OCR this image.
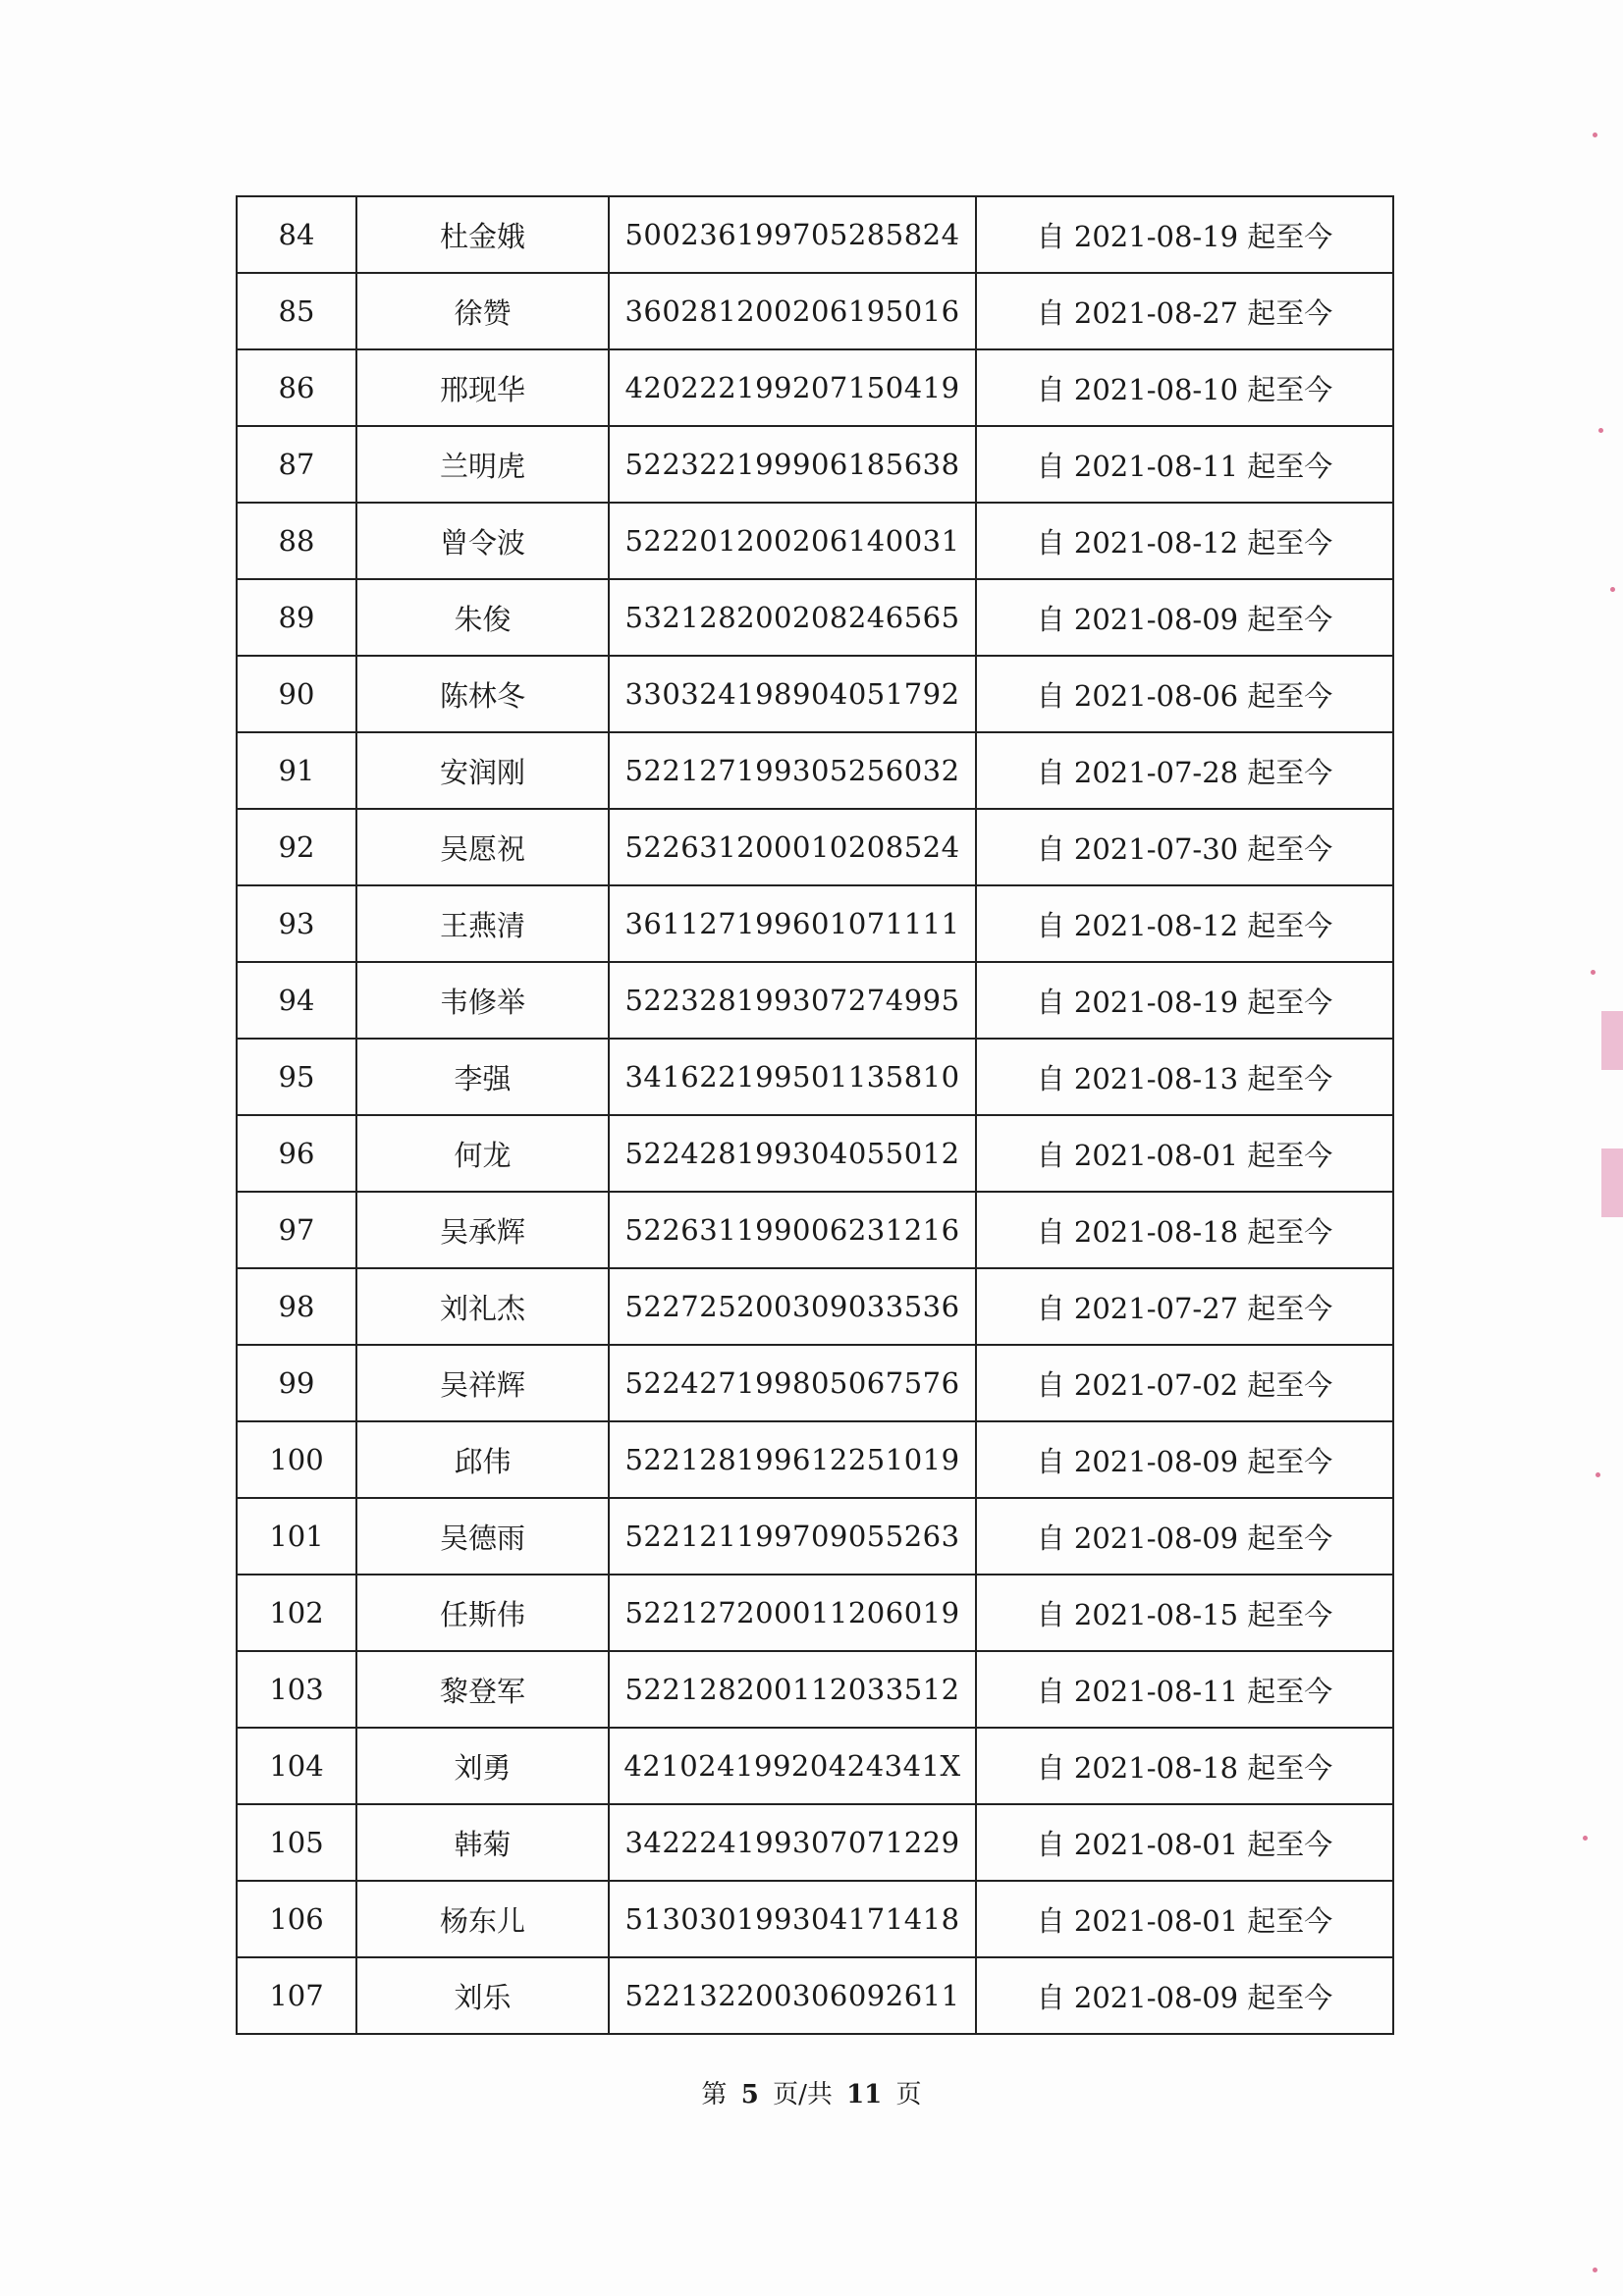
84	杜金娥	500236199705285824	自 2021-08-19 起至今
85	徐赞	360281200206195016	自 2021-08-27 起至今
86	邢现华	420222199207150419	自 2021-08-10 起至今
87	兰明虎	522322199906185638	自 2021-08-11 起至今
88	曾令波	522201200206140031	自 2021-08-12 起至今
89	朱俊	532128200208246565	自 2021-08-09 起至今
90	陈林冬	330324198904051792	自 2021-08-06 起至今
91	安润刚	522127199305256032	自 2021-07-28 起至今
92	吴愿祝	522631200010208524	自 2021-07-30 起至今
93	王燕清	361127199601071111	自 2021-08-12 起至今
94	韦修举	522328199307274995	自 2021-08-19 起至今
95	李强	341622199501135810	自 2021-08-13 起至今
96	何龙	522428199304055012	自 2021-08-01 起至今
97	吴承辉	522631199006231216	自 2021-08-18 起至今
98	刘礼杰	522725200309033536	自 2021-07-27 起至今
99	吴祥辉	522427199805067576	自 2021-07-02 起至今
100	邱伟	522128199612251019	自 2021-08-09 起至今
101	吴德雨	522121199709055263	自 2021-08-09 起至今
102	任斯伟	522127200011206019	自 2021-08-15 起至今
103	黎登军	522128200112033512	自 2021-08-11 起至今
104	刘勇	42102419920424341X	自 2021-08-18 起至今
105	韩菊	342224199307071229	自 2021-08-01 起至今
106	杨东儿	513030199304171418	自 2021-08-01 起至今
107	刘乐	522132200306092611	自 2021-08-09 起至今
第 5 页/共 11 页
